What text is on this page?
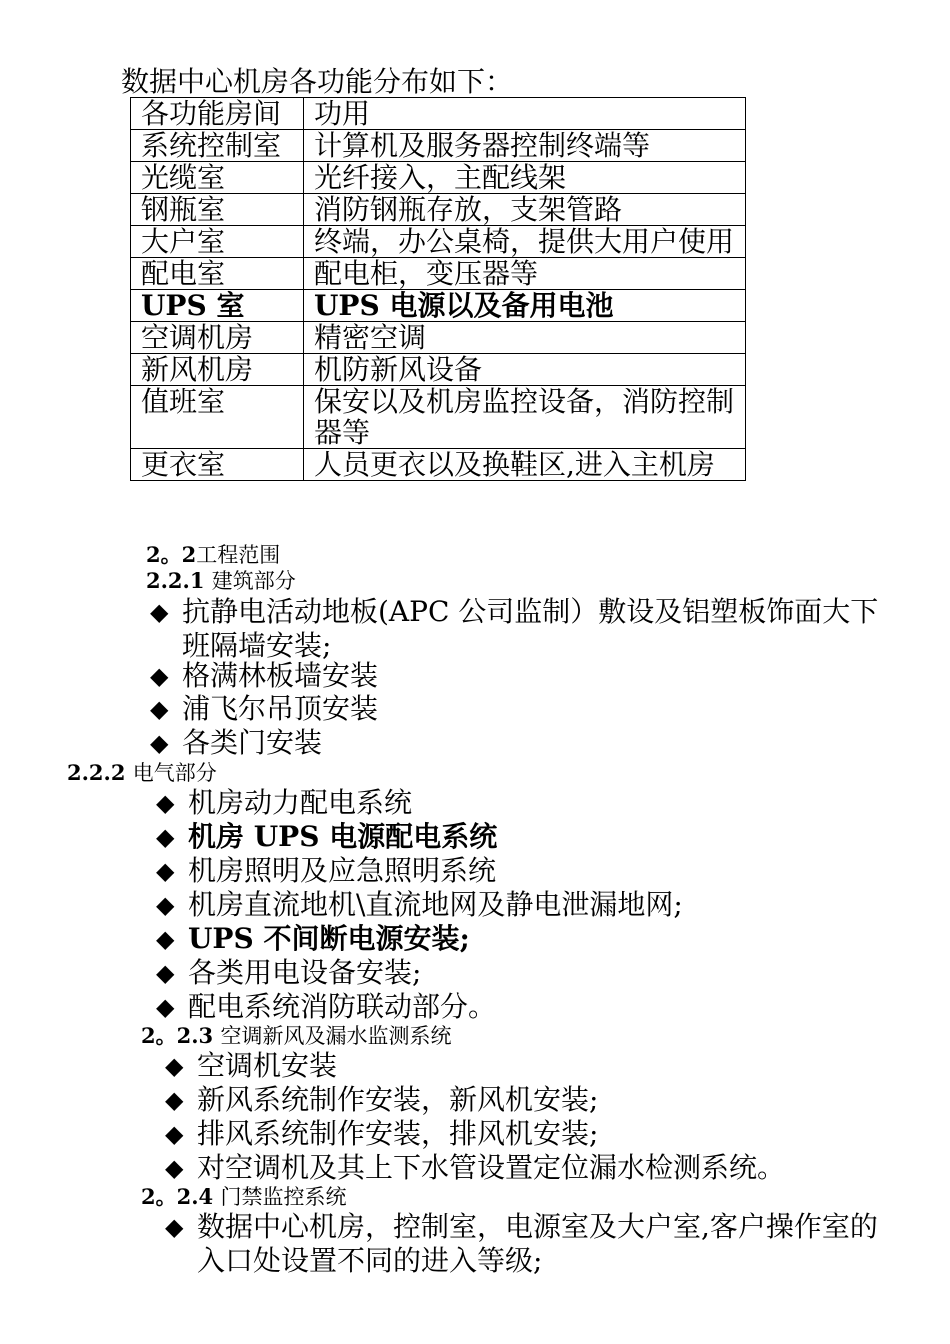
数据中心机房各功能分布如下：
各功能房间	功用
系统控制室	计算机及服务器控制终端等
光缆室	光纤接入，主配线架
钢瓶室	消防钢瓶存放，支架管路
大户室	终端，办公桌椅，提供大用户使用
配电室	配电柜，变压器等
UPS 室	UPS 电源以及备用电池
空调机房	精密空调
新风机房	机防新风设备
值班室	保安以及机房监控设备，消防控制器等
更衣室	人员更衣以及换鞋区,进入主机房
2。2工程范围
2.2.1 建筑部分
◆ 抗静电活动地板(APC 公司监制）敷设及铝塑板饰面大下班隔墙安装;
◆ 格满林板墙安装
◆ 浦飞尔吊顶安装
◆ 各类门安装
2.2.2 电气部分
◆ 机房动力配电系统
◆ 机房 UPS 电源配电系统
◆ 机房照明及应急照明系统
◆ 机房直流地机\直流地网及静电泄漏地网;
◆ UPS 不间断电源安装;
◆ 各类用电设备安装;
◆ 配电系统消防联动部分。
2。2.3 空调新风及漏水监测系统
◆ 空调机安装
◆ 新风系统制作安装，新风机安装;
◆ 排风系统制作安装，排风机安装;
◆ 对空调机及其上下水管设置定位漏水检测系统。
2。2.4 门禁监控系统
◆ 数据中心机房，控制室，电源室及大户室,客户操作室的入口处设置不同的进入等级;
